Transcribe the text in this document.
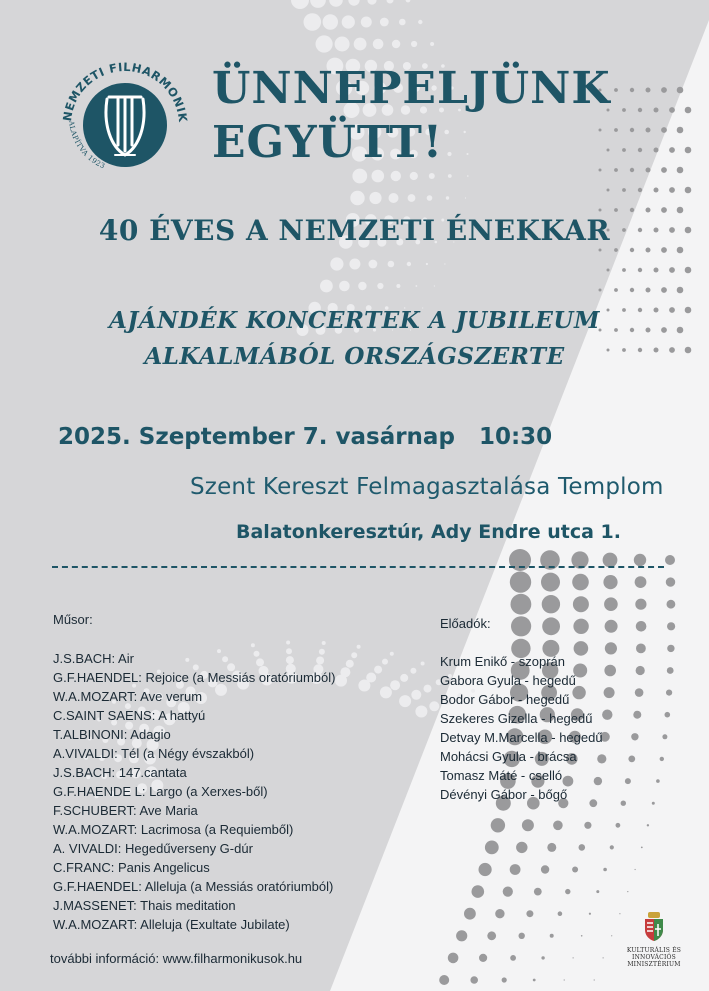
NEMZETI FILHARMONIK
ALAPÍTVA 1923
ÜNNEPELJÜNK
EGYÜTT!
40 ÉVES A NEMZETI ÉNEKKAR
AJÁNDÉK KONCERTEK A JUBILEUM
ALKALMÁBÓL ORSZÁGSZERTE
2025. Szeptember 7. vasárnap   10:30
Szent Kereszt Felmagasztalása Templom
Balatonkeresztúr, Ady Endre utca 1.
Műsor:
J.S.BACH: Air
G.F.HAENDEL: Rejoice (a Messiás oratóriumból)
W.A.MOZART: Ave verum
C.SAINT SAENS: A hattyú
T.ALBINONI: Adagio
A.VIVALDI: Tél (a Négy évszakból)
J.S.BACH: 147.cantata
G.F.HAENDE L: Largo (a Xerxes-ből)
F.SCHUBERT: Ave Maria
W.A.MOZART: Lacrimosa (a Requiemből)
A. VIVALDI: Hegedűverseny G-dúr
C.FRANC: Panis Angelicus
G.F.HAENDEL: Alleluja (a Messiás oratóriumból)
J.MASSENET: Thais meditation
W.A.MOZART: Alleluja (Exultate Jubilate)
Előadók:
Krum Enikő - szoprán
Gabora Gyula - hegedű
Bodor Gábor - hegedű
Szekeres Gizella - hegedű
Detvay M.Marcella - hegedű
Mohácsi Gyula - brácsa
Tomasz Máté - cselló
Dévényi Gábor - bőgő
további információ: www.filharmonikusok.hu
KULTURÁLIS ÉS INNOVÁCIÓS
MINISZTÉRIUM
